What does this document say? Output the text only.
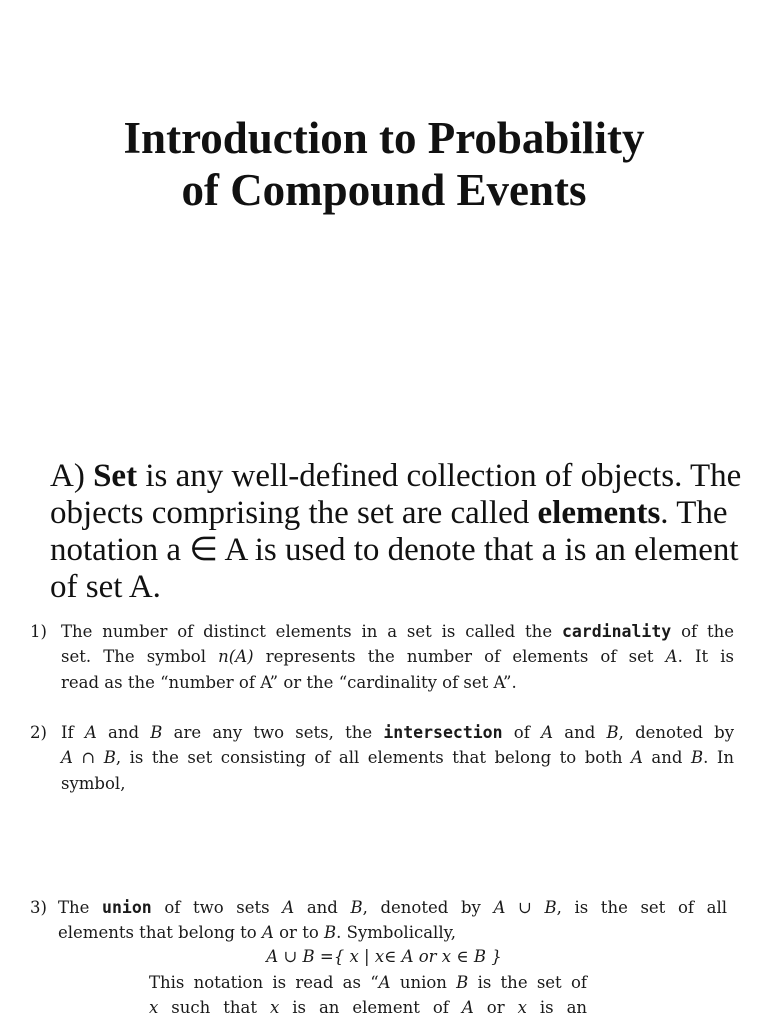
Introduction to Probability
of Compound Events

A) Set is any well-defined collection of objects. The objects comprising the set are called elements. The notation a ∈ A is used to denote that a is an element of set A.

1) The number of distinct elements in a set is called the cardinality of the
set. The symbol n(A) represents the number of elements of set A. It is
read as the “number of A” or the “cardinality of set A”.
2) If A and B are any two sets, the intersection of A and B, denoted by
A ∩ B, is the set consisting of all elements that belong to both A and B. In
symbol,
3) The union of two sets A and B, denoted by A ∪ B, is the set of all
elements that belong to A or to B. Symbolically,
A ∪ B ={ x | x∈ A or x ∈ B }
This notation is read as “A union B is the set of
x such that x is an element of A or x is an
